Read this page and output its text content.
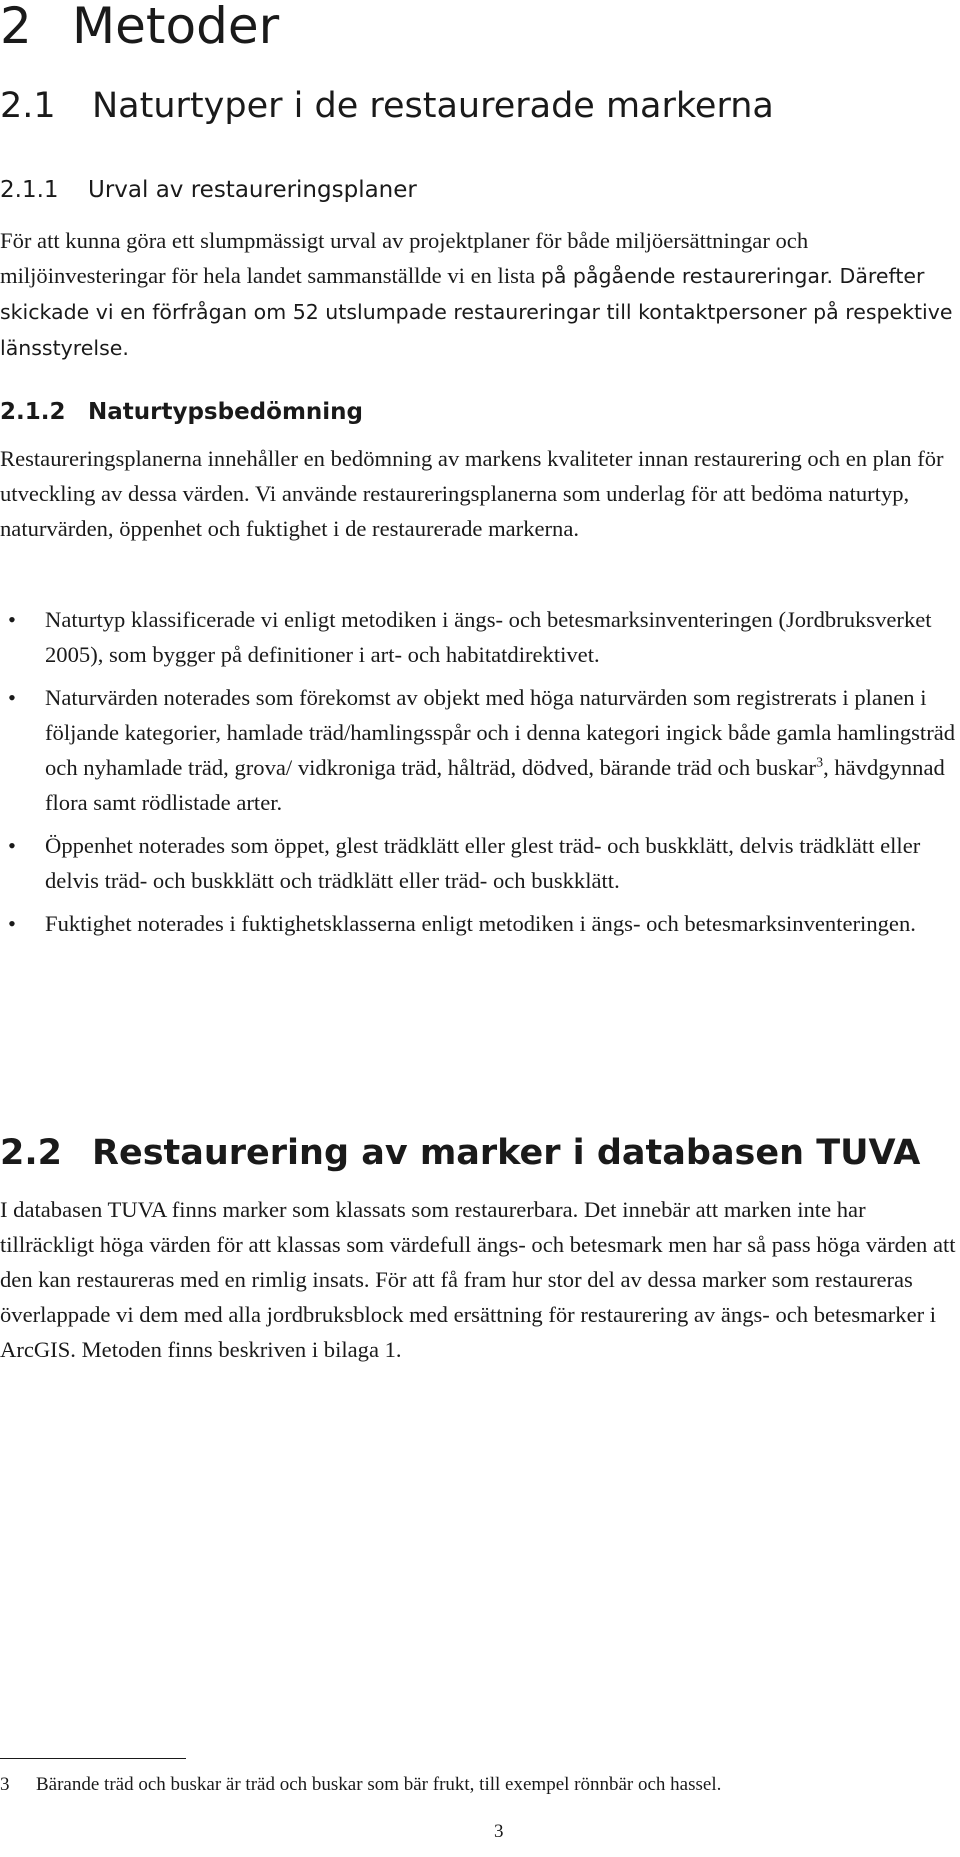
2 Metoder
2.1 Naturtyper i de restaurerade markerna
2.1.1 Urval av restaureringsplaner

För att kunna göra ett slumpmässigt urval av projektplaner för både miljöersättningar och miljöinvesteringar för hela landet sammanställde vi en lista på pågående restaureringar. Därefter skickade vi en förfrågan om 52 utslumpade restaureringar till kontaktpersoner på respektive länsstyrelse.

2.1.2 Naturtypsbedömning

Restaureringsplanerna innehåller en bedömning av markens kvaliteter innan restaurering och en plan för utveckling av dessa värden. Vi använde restaureringsplanerna som underlag för att bedöma naturtyp, naturvärden, öppenhet och fuktighet i de restaurerade markerna.

• Naturtyp klassificerade vi enligt metodiken i ängs- och betesmarksinventeringen (Jordbruksverket 2005), som bygger på definitioner i art- och habitatdirektivet.
• Naturvärden noterades som förekomst av objekt med höga naturvärden som registrerats i planen i följande kategorier, hamlade träd/hamlingsspår och i denna kategori ingick både gamla hamlingsträd och nyhamlade träd, grova/ vidkroniga träd, hålträd, dödved, bärande träd och buskar$^3$, hävdgynnad flora samt rödlistade arter.
• Öppenhet noterades som öppet, glest trädklätt eller glest träd- och buskklätt, delvis trädklätt eller delvis träd- och buskklätt och trädklätt eller träd- och buskklätt.
• Fuktighet noterades i fuktighetsklasserna enligt metodiken i ängs- och betesmarksinventeringen.
2.2 Restaurering av marker i databasen TUVA

I databasen TUVA finns marker som klassats som restaurerbara. Det innebär att marken inte har tillräckligt höga värden för att klassas som värdefull ängs- och betesmark men har så pass höga värden att den kan restaureras med en rimlig insats. För att få fram hur stor del av dessa marker som restaureras överlappade vi dem med alla jordbruksblock med ersättning för restaurering av ängs- och betesmarker i ArcGIS. Metoden finns beskriven i bilaga 1.

3 Bärande träd och buskar är träd och buskar som bär frukt, till exempel rönnbär och hassel.
3
